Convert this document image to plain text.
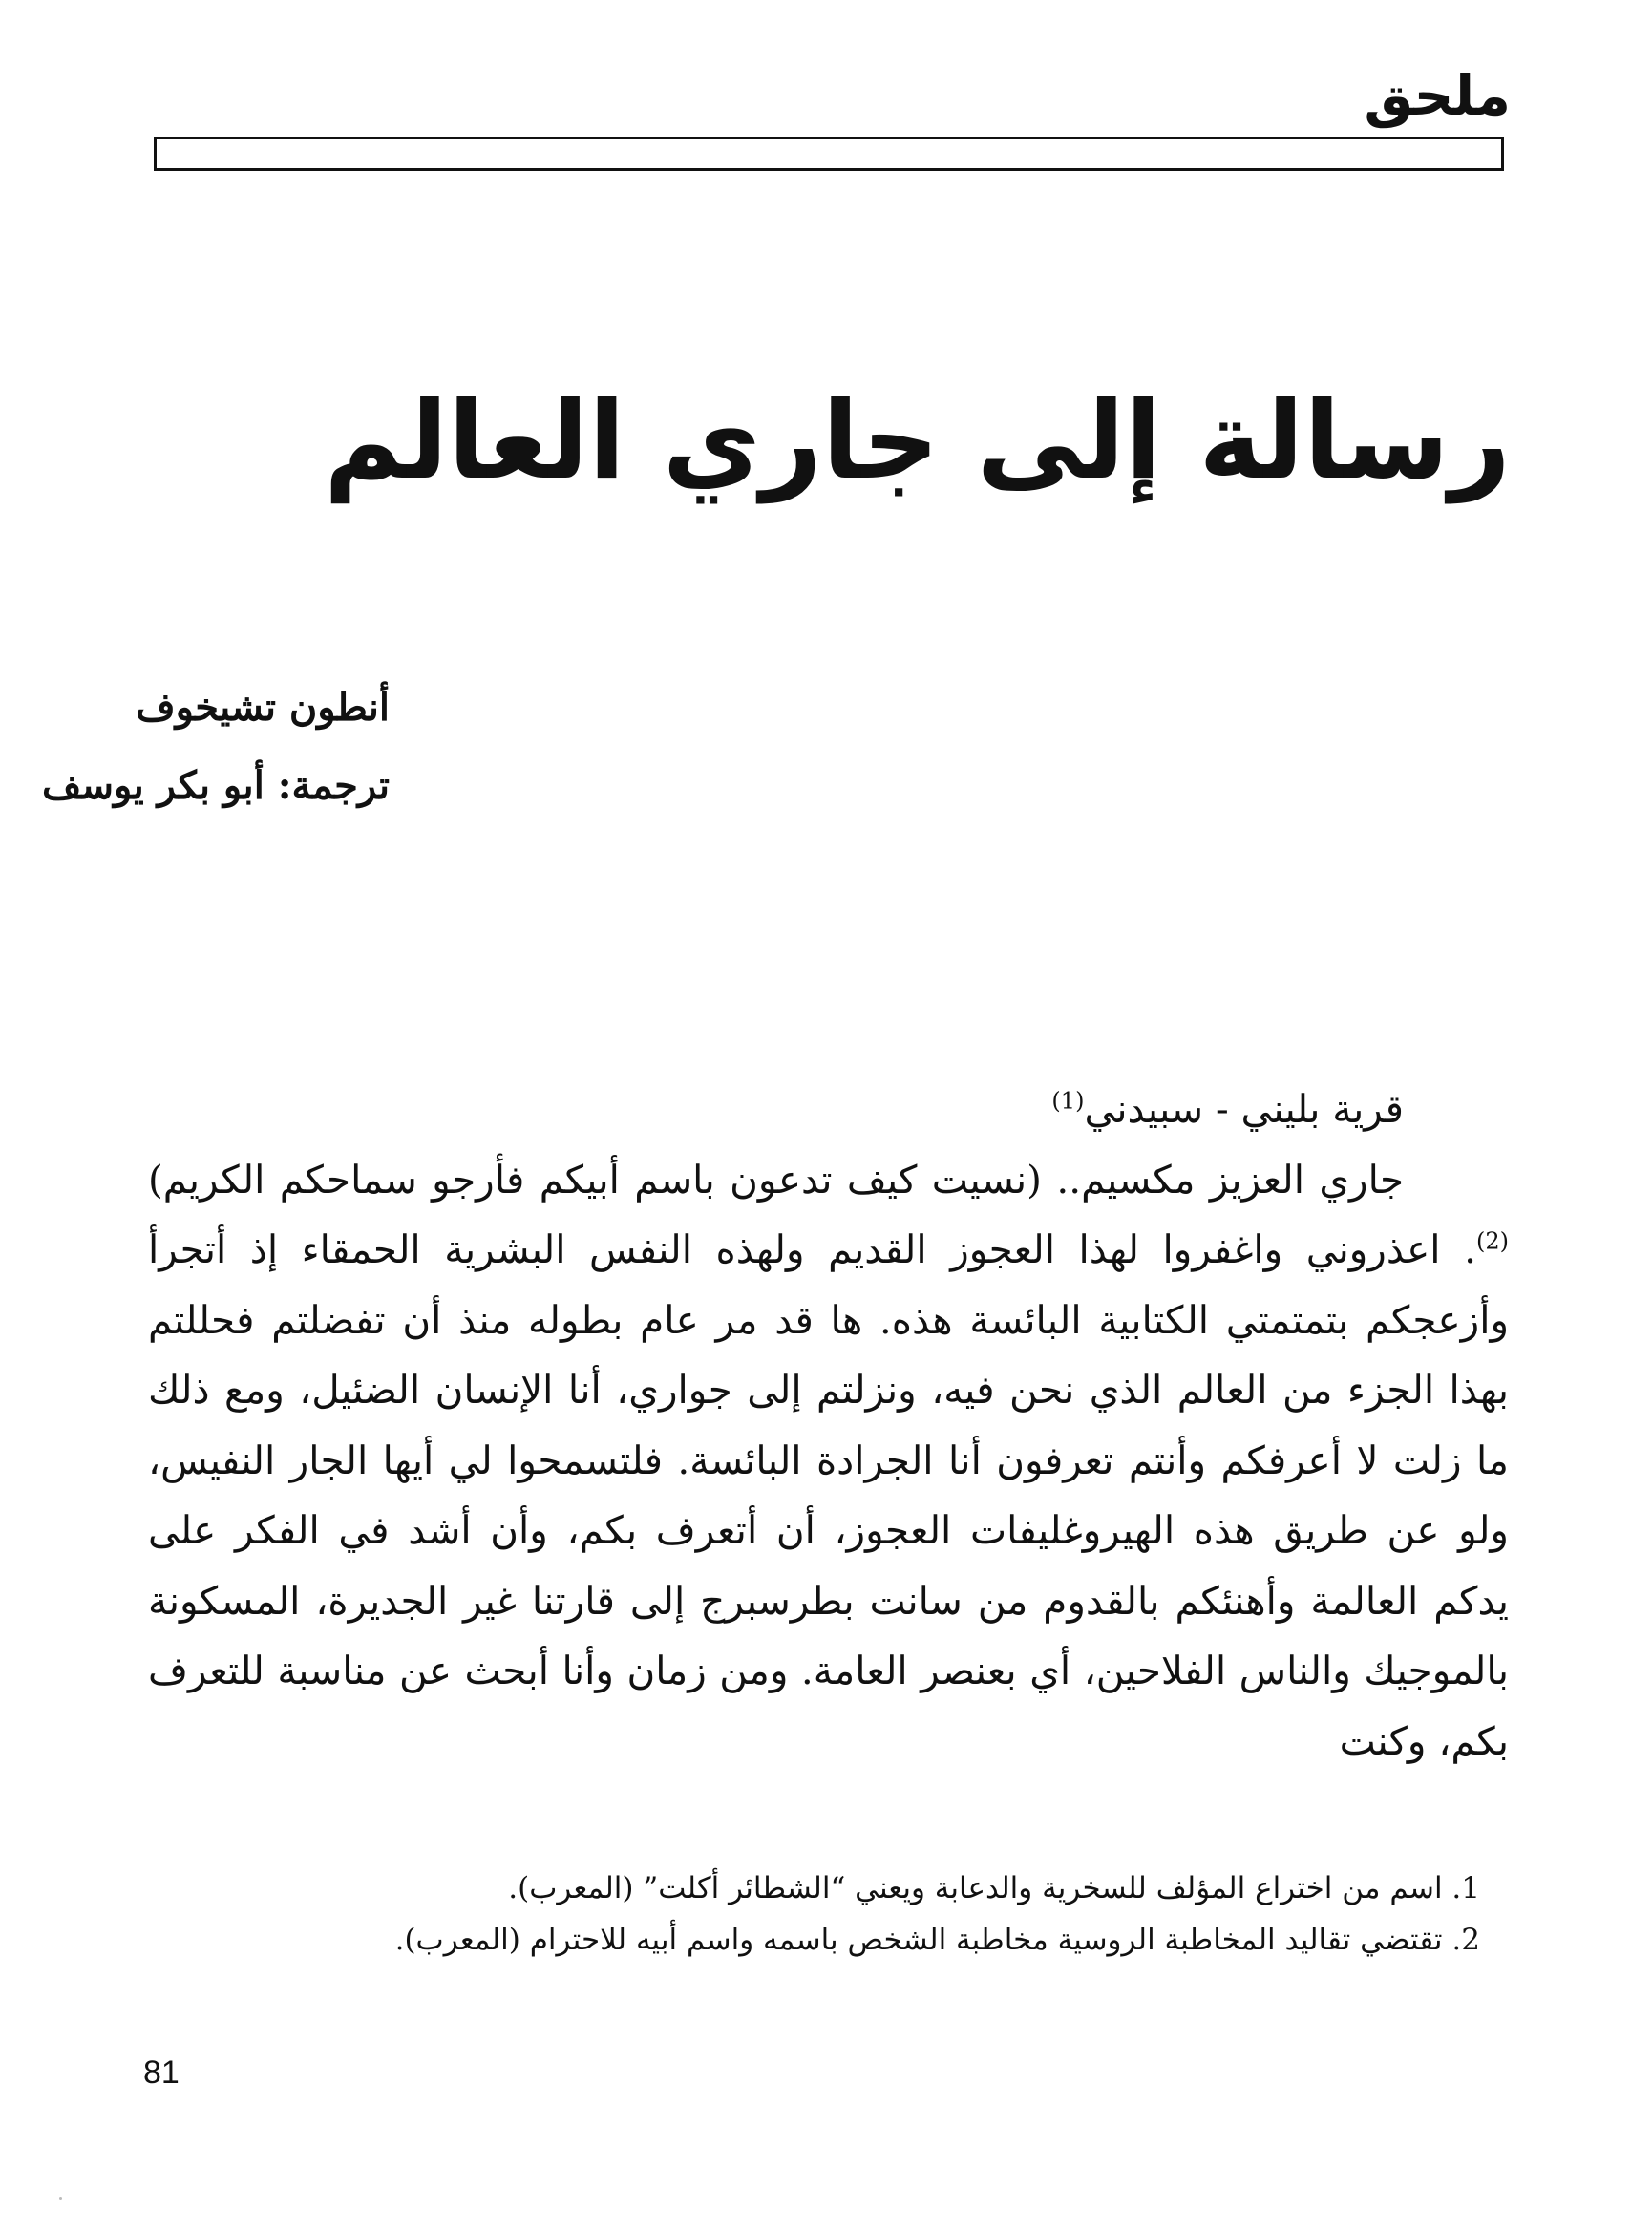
ملحق
رسالة إلى جاري العالم
أنطون تشيخوف
ترجمة: أبو بكر يوسف
قرية بليني - سبيدني$^{(1)}$

جاري العزيز مكسيم.. (نسيت كيف تدعون باسم أبيكم فأرجو سماحكم الكريم)$^{(2)}$. اعذروني واغفروا لهذا العجوز القديم ولهذه النفس البشرية الحمقاء إذ أتجرأ وأزعجكم بتمتمتي الكتابية البائسة هذه. ها قد مر عام بطوله منذ أن تفضلتم فحللتم بهذا الجزء من العالم الذي نحن فيه، ونزلتم إلى جواري، أنا الإنسان الضئيل، ومع ذلك ما زلت لا أعرفكم وأنتم تعرفون أنا الجرادة البائسة. فلتسمحوا لي أيها الجار النفيس، ولو عن طريق هذه الهيروغليفات العجوز، أن أتعرف بكم، وأن أشد في الفكر على يدكم العالمة وأهنئكم بالقدوم من سانت بطرسبرج إلى قارتنا غير الجديرة، المسكونة بالموجيك والناس الفلاحين، أي بعنصر العامة. ومن زمان وأنا أبحث عن مناسبة للتعرف بكم، وكنت

1. اسم من اختراع المؤلف للسخرية والدعابة ويعني “الشطائر أكلت” (المعرب).
2. تقتضي تقاليد المخاطبة الروسية مخاطبة الشخص باسمه واسم أبيه للاحترام (المعرب).
81
